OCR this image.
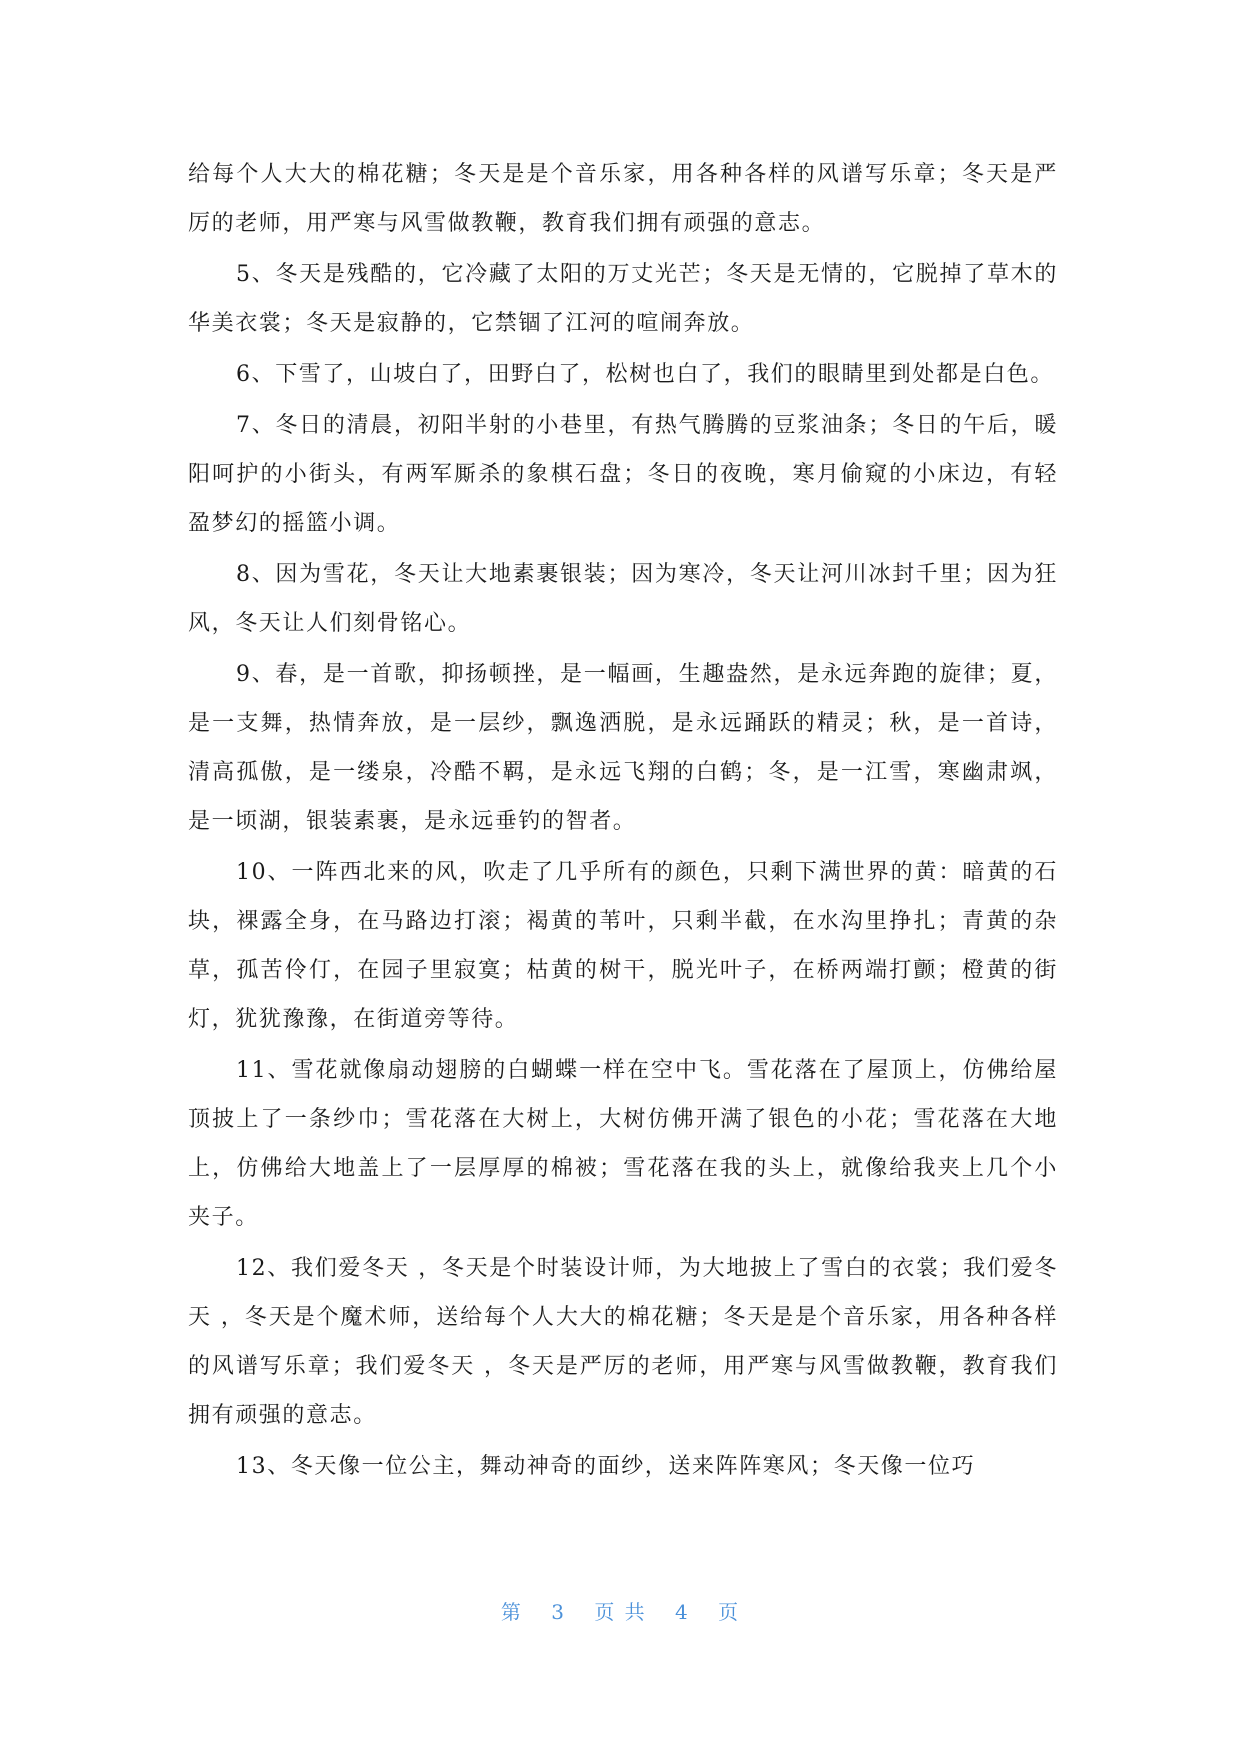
给每个人大大的棉花糖；冬天是是个音乐家，用各种各样的风谱写乐章；冬天是严厉的老师，用严寒与风雪做教鞭，教育我们拥有顽强的意志。

5、冬天是残酷的，它冷藏了太阳的万丈光芒；冬天是无情的，它脱掉了草木的华美衣裳；冬天是寂静的，它禁锢了江河的喧闹奔放。

6、下雪了，山坡白了，田野白了，松树也白了，我们的眼睛里到处都是白色。

7、冬日的清晨，初阳半射的小巷里，有热气腾腾的豆浆油条；冬日的午后，暖阳呵护的小街头，有两军厮杀的象棋石盘；冬日的夜晚，寒月偷窥的小床边，有轻盈梦幻的摇篮小调。

8、因为雪花，冬天让大地素裹银装；因为寒冷，冬天让河川冰封千里；因为狂风，冬天让人们刻骨铭心。

9、春，是一首歌，抑扬顿挫，是一幅画，生趣盎然，是永远奔跑的旋律；夏，是一支舞，热情奔放，是一层纱，飘逸洒脱，是永远踊跃的精灵；秋，是一首诗，清高孤傲，是一缕泉，冷酷不羁，是永远飞翔的白鹤；冬，是一江雪，寒幽肃飒，是一顷湖，银装素裹，是永远垂钓的智者。

10、一阵西北来的风，吹走了几乎所有的颜色，只剩下满世界的黄：暗黄的石块，裸露全身，在马路边打滚；褐黄的苇叶，只剩半截，在水沟里挣扎；青黄的杂草，孤苦伶仃，在园子里寂寞；枯黄的树干，脱光叶子，在桥两端打颤；橙黄的街灯，犹犹豫豫，在街道旁等待。

11、雪花就像扇动翅膀的白蝴蝶一样在空中飞。雪花落在了屋顶上，仿佛给屋顶披上了一条纱巾；雪花落在大树上，大树仿佛开满了银色的小花；雪花落在大地上，仿佛给大地盖上了一层厚厚的棉被；雪花落在我的头上，就像给我夹上几个小夹子。

12、我们爱冬天 ，冬天是个时装设计师，为大地披上了雪白的衣裳；我们爱冬天 ，冬天是个魔术师，送给每个人大大的棉花糖；冬天是是个音乐家，用各种各样的风谱写乐章；我们爱冬天 ，冬天是严厉的老师，用严寒与风雪做教鞭，教育我们拥有顽强的意志。

13、冬天像一位公主，舞动神奇的面纱，送来阵阵寒风；冬天像一位巧

第 3 页 共 4 页
